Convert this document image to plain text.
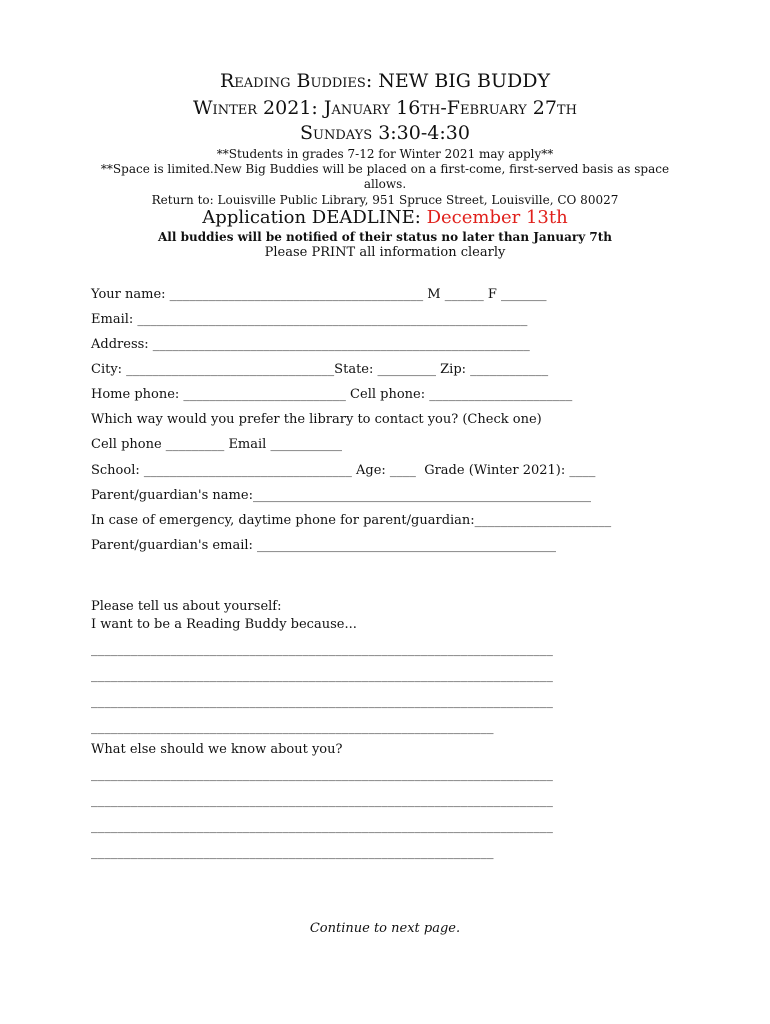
Reading Buddies: NEW BIG BUDDY
Winter 2021: January 16th-February 27th
Sundays 3:30-4:30
**Students in grades 7-12 for Winter 2021 may apply**
**Space is limited.New Big Buddies will be placed on a first-come, first-served basis as space allows.
Return to: Louisville Public Library, 951 Spruce Street, Louisville, CO 80027
Application DEADLINE: December 13th
All buddies will be notified of their status no later than January 7th
Please PRINT all information clearly
Your name: _______________________________________ M ______ F _______
Email: ____________________________________________________________
Address: __________________________________________________________
City: ________________________________State: _________ Zip: ____________
Home phone: _________________________ Cell phone: ______________________
Which way would you prefer the library to contact you? (Check one)
Cell phone _________ Email ___________
School: ________________________________ Age: ____  Grade (Winter 2021): ____
Parent/guardian's name:____________________________________________________
In case of emergency, daytime phone for parent/guardian:_____________________
Parent/guardian's email: ______________________________________________
Please tell us about yourself:
I want to be a Reading Buddy because...
______________________________________________________________________
______________________________________________________________________
______________________________________________________________________
_____________________________________________________________
What else should we know about you?
______________________________________________________________________
______________________________________________________________________
______________________________________________________________________
_____________________________________________________________
Continue to next page.
